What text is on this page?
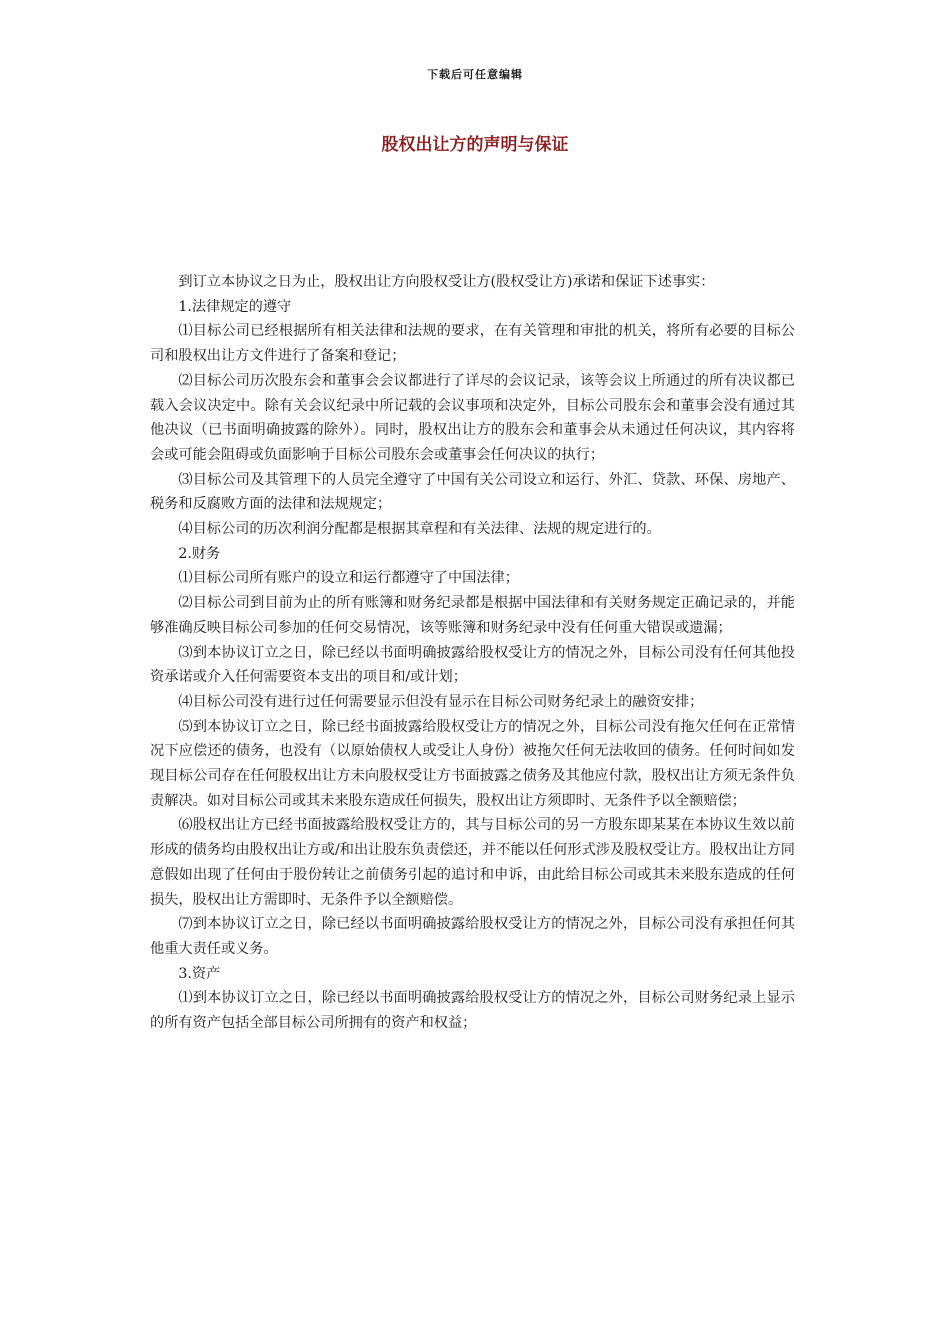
下载后可任意编辑
股权出让方的声明与保证

到订立本协议之日为止，股权出让方向股权受让方(股权受让方)承诺和保证下述事实：

1.法律规定的遵守

⑴目标公司已经根据所有相关法律和法规的要求，在有关管理和审批的机关，将所有必要的目标公司和股权出让方文件进行了备案和登记；

⑵目标公司历次股东会和董事会会议都进行了详尽的会议记录，该等会议上所通过的所有决议都已载入会议决定中。除有关会议纪录中所记载的会议事项和决定外，目标公司股东会和董事会没有通过其他决议（已书面明确披露的除外）。同时，股权出让方的股东会和董事会从未通过任何决议，其内容将会或可能会阻碍或负面影响于目标公司股东会或董事会任何决议的执行；

⑶目标公司及其管理下的人员完全遵守了中国有关公司设立和运行、外汇、贷款、环保、房地产、税务和反腐败方面的法律和法规规定；

⑷目标公司的历次利润分配都是根据其章程和有关法律、法规的规定进行的。

2.财务

⑴目标公司所有账户的设立和运行都遵守了中国法律；

⑵目标公司到目前为止的所有账簿和财务纪录都是根据中国法律和有关财务规定正确记录的，并能够准确反映目标公司参加的任何交易情况，该等账簿和财务纪录中没有任何重大错误或遗漏；

⑶到本协议订立之日，除已经以书面明确披露给股权受让方的情况之外，目标公司没有任何其他投资承诺或介入任何需要资本支出的项目和/或计划；

⑷目标公司没有进行过任何需要显示但没有显示在目标公司财务纪录上的融资安排；

⑸到本协议订立之日，除已经书面披露给股权受让方的情况之外，目标公司没有拖欠任何在正常情况下应偿还的债务，也没有（以原始债权人或受让人身份）被拖欠任何无法收回的债务。任何时间如发现目标公司存在任何股权出让方未向股权受让方书面披露之债务及其他应付款，股权出让方须无条件负责解决。如对目标公司或其未来股东造成任何损失，股权出让方须即时、无条件予以全额赔偿；

⑹股权出让方已经书面披露给股权受让方的，其与目标公司的另一方股东即某某在本协议生效以前形成的债务均由股权出让方或/和出让股东负责偿还，并不能以任何形式涉及股权受让方。股权出让方同意假如出现了任何由于股份转让之前债务引起的追讨和申诉，由此给目标公司或其未来股东造成的任何损失，股权出让方需即时、无条件予以全额赔偿。

⑺到本协议订立之日，除已经以书面明确披露给股权受让方的情况之外，目标公司没有承担任何其他重大责任或义务。

3.资产

⑴到本协议订立之日，除已经以书面明确披露给股权受让方的情况之外，目标公司财务纪录上显示的所有资产包括全部目标公司所拥有的资产和权益；
